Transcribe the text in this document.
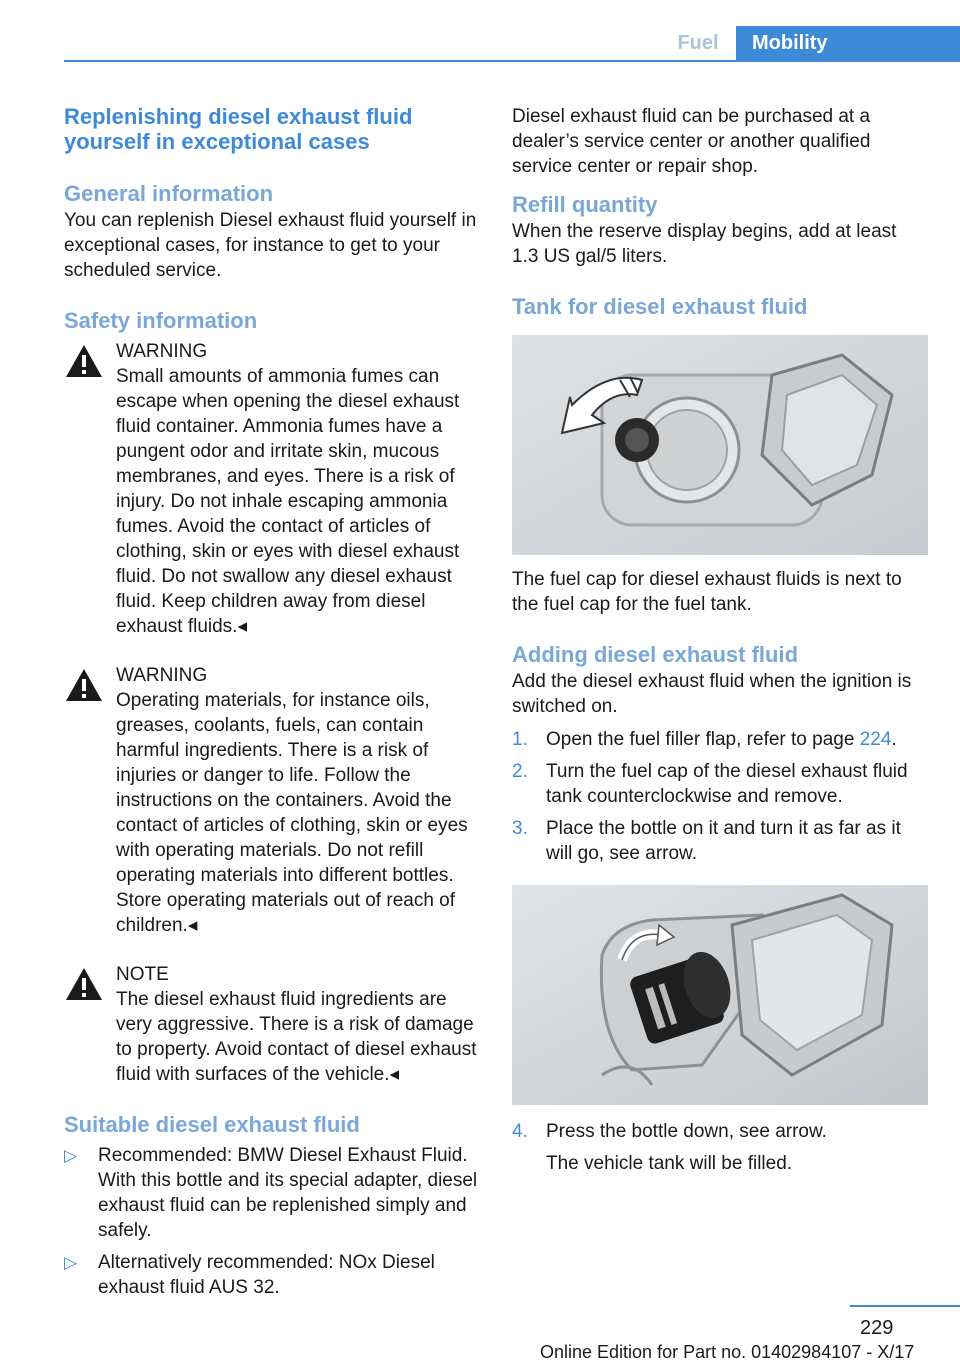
Fuel	Mobility
Replenishing diesel exhaust fluid yourself in exceptional cases
General information

You can replenish Diesel exhaust fluid yourself in exceptional cases, for instance to get to your scheduled service.

Safety information
WARNING

Small amounts of ammonia fumes can escape when opening the diesel exhaust fluid container. Ammonia fumes have a pungent odor and irritate skin, mucous membranes, and eyes. There is a risk of injury. Do not inhale escaping ammonia fumes. Avoid the contact of articles of clothing, skin or eyes with diesel exhaust fluid. Do not swallow any diesel exhaust fluid. Keep children away from diesel exhaust fluids.◂

WARNING

Operating materials, for instance oils, greases, coolants, fuels, can contain harmful ingredients. There is a risk of injuries or danger to life. Follow the instructions on the containers. Avoid the contact of articles of clothing, skin or eyes with operating materials. Do not refill operating materials into different bottles. Store operating materials out of reach of children.◂

NOTE

The diesel exhaust fluid ingredients are very aggressive. There is a risk of damage to property. Avoid contact of diesel exhaust fluid with surfaces of the vehicle.◂

Suitable diesel exhaust fluid
▷ Recommended: BMW Diesel Exhaust Fluid. With this bottle and its special adapter, diesel exhaust fluid can be replenished simply and safely.
▷ Alternatively recommended: NOx Diesel exhaust fluid AUS 32.

Diesel exhaust fluid can be purchased at a dealer’s service center or another qualified service center or repair shop.

Refill quantity

When the reserve display begins, add at least 1.3 US gal/5 liters.

Tank for diesel exhaust fluid

The fuel cap for diesel exhaust fluids is next to the fuel cap for the fuel tank.

Adding diesel exhaust fluid

Add the diesel exhaust fluid when the ignition is switched on.

1. Open the fuel filler flap, refer to page 224.
2. Turn the fuel cap of the diesel exhaust fluid tank counterclockwise and remove.
3. Place the bottle on it and turn it as far as it will go, see arrow.
4. Press the bottle down, see arrow.
The vehicle tank will be filled.
229
Online Edition for Part no. 01402984107 - X/17
